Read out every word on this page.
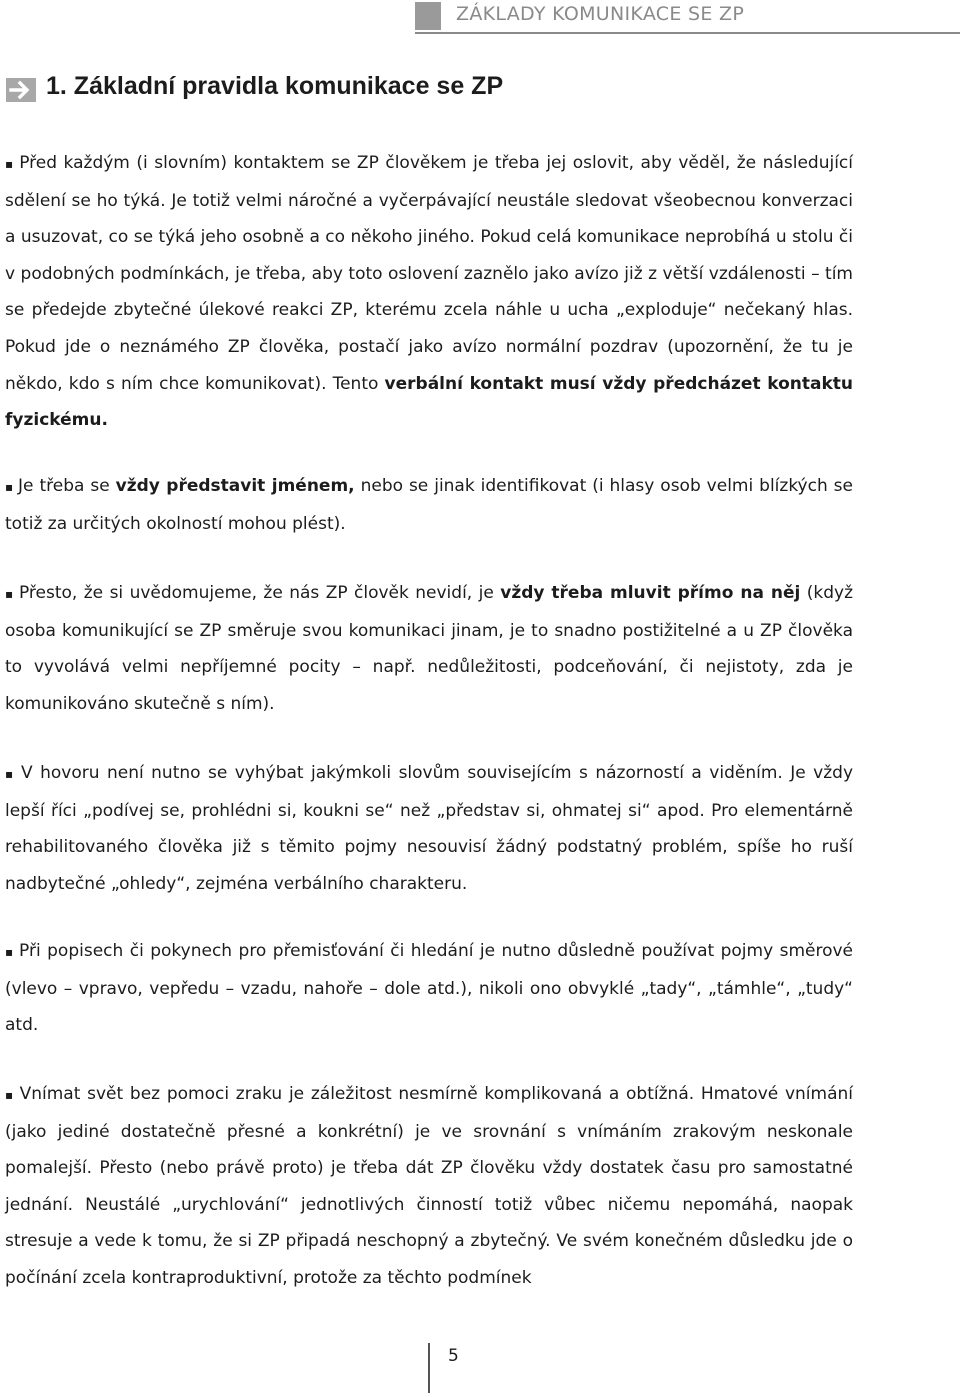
ZÁKLADY KOMUNIKACE SE ZP
1. Základní pravidla komunikace se ZP
▪ Před každým (i slovním) kontaktem se ZP člověkem je třeba jej oslovit, aby věděl, že následující sdělení se ho týká. Je totiž velmi náročné a vyčerpávající neustále sledovat všeobecnou konverzaci a usuzovat, co se týká jeho osobně a co někoho jiného. Pokud celá komunikace neprobíhá u stolu či v podobných podmínkách, je třeba, aby toto oslovení zaznělo jako avízo již z větší vzdálenosti – tím se předejde zbytečné úlekové reakci ZP, kterému zcela náhle u ucha „exploduje“ nečekaný hlas. Pokud jde o neznámého ZP člověka, postačí jako avízo normální pozdrav (upozornění, že tu je někdo, kdo s ním chce komunikovat). Tento verbální kontakt musí vždy předcházet kontaktu fyzickému.
▪ Je třeba se vždy představit jménem, nebo se jinak identifikovat (i hlasy osob velmi blízkých se totiž za určitých okolností mohou plést).
▪ Přesto, že si uvědomujeme, že nás ZP člověk nevidí, je vždy třeba mluvit přímo na něj (když osoba komunikující se ZP směruje svou komunikaci jinam, je to snadno postižitelné a u ZP člověka to vyvolává velmi nepříjemné pocity – např. nedůležitosti, podceňování, či nejistoty, zda je komunikováno skutečně s ním).
▪ V hovoru není nutno se vyhýbat jakýmkoli slovům souvisejícím s názorností a viděním. Je vždy lepší říci „podívej se, prohlédni si, koukni se“ než „představ si, ohmatej si“ apod. Pro elementárně rehabilitovaného člověka již s těmito pojmy nesouvisí žádný podstatný problém, spíše ho ruší nadbytečné „ohledy“, zejména verbálního charakteru.
▪ Při popisech či pokynech pro přemisťování či hledání je nutno důsledně používat pojmy směrové (vlevo – vpravo, vepředu – vzadu, nahoře – dole atd.), nikoli ono obvyklé „tady“, „támhle“, „tudy“ atd.
▪ Vnímat svět bez pomoci zraku je záležitost nesmírně komplikovaná a obtížná. Hmatové vnímání (jako jediné dostatečně přesné a konkrétní) je ve srovnání s vnímáním zrakovým neskonale pomalejší. Přesto (nebo právě proto) je třeba dát ZP člověku vždy dostatek času pro samostatné jednání. Neustálé „urychlování“ jednotlivých činností totiž vůbec ničemu nepomáhá, naopak stresuje a vede k tomu, že si ZP připadá neschopný a zbytečný. Ve svém konečném důsledku jde o počínání zcela kontraproduktivní, protože za těchto podmínek
5
